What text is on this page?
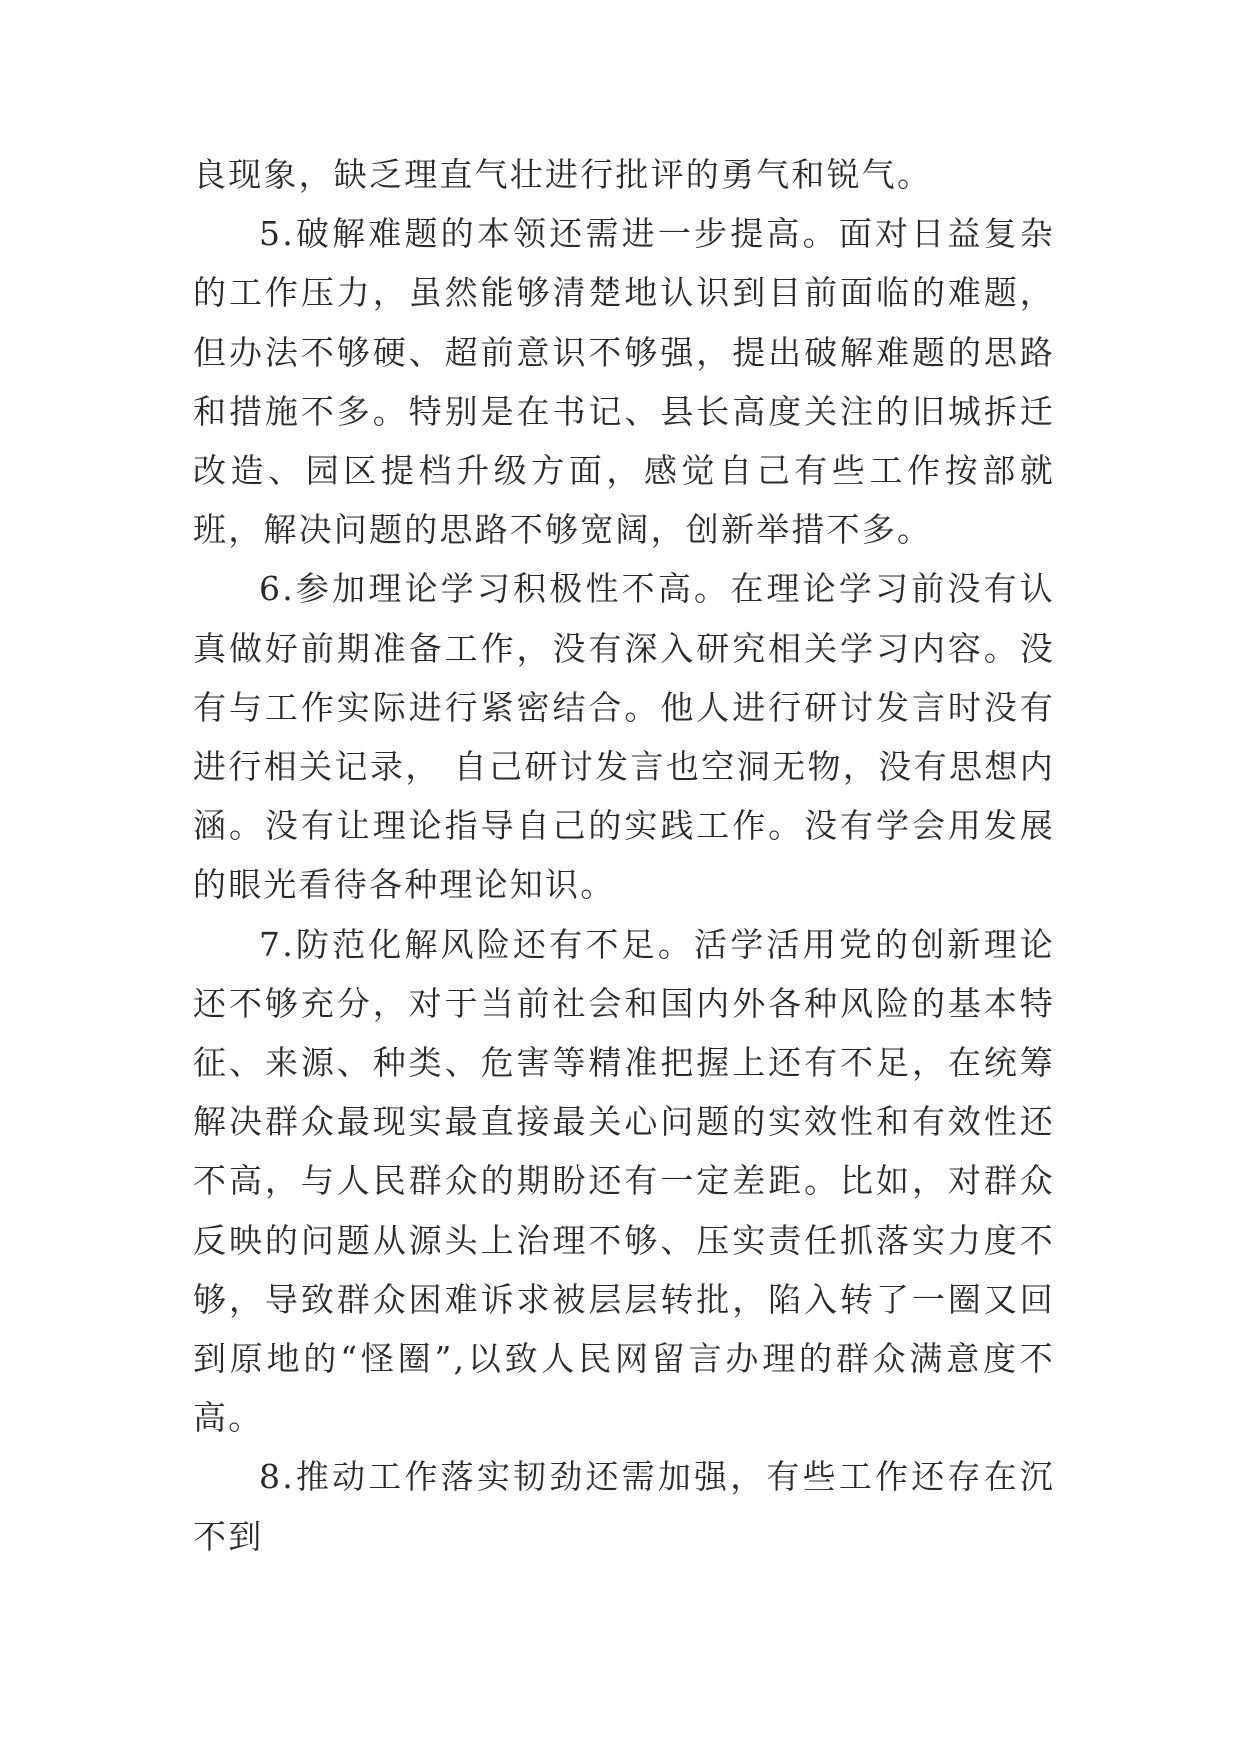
良现象，缺乏理直气壮进行批评的勇气和锐气。

5.破解难题的本领还需进一步提高。面对日益复杂的工作压力，虽然能够清楚地认识到目前面临的难题，但办法不够硬、超前意识不够强，提出破解难题的思路和措施不多。特别是在书记、县长高度关注的旧城拆迁改造、园区提档升级方面，感觉自己有些工作按部就班，解决问题的思路不够宽阔，创新举措不多。

6.参加理论学习积极性不高。在理论学习前没有认真做好前期准备工作，没有深入研究相关学习内容。没有与工作实际进行紧密结合。他人进行研讨发言时没有进行相关记录， 自己研讨发言也空洞无物，没有思想内涵。没有让理论指导自己的实践工作。没有学会用发展的眼光看待各种理论知识。

7.防范化解风险还有不足。活学活用党的创新理论还不够充分，对于当前社会和国内外各种风险的基本特征、来源、种类、危害等精准把握上还有不足，在统筹解决群众最现实最直接最关心问题的实效性和有效性还不高，与人民群众的期盼还有一定差距。比如，对群众反映的问题从源头上治理不够、压实责任抓落实力度不够，导致群众困难诉求被层层转批，陷入转了一圈又回到原地的“怪圈”,以致人民网留言办理的群众满意度不高。

8.推动工作落实韧劲还需加强，有些工作还存在沉不到
